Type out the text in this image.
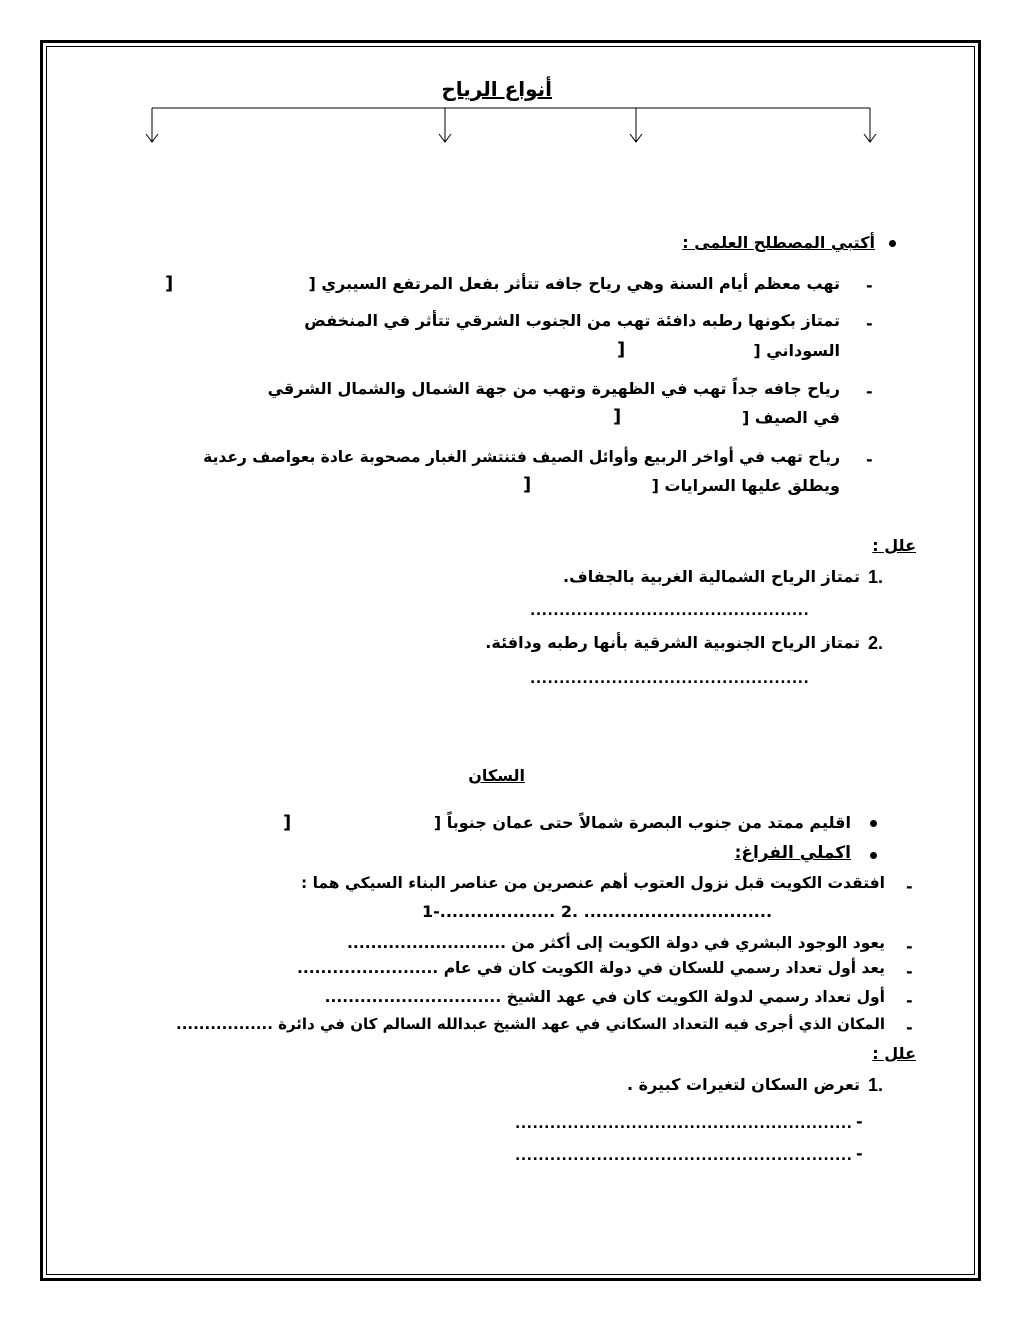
أنواع الرياح
أكتبي المصطلح العلمى :
-
تهب معظم أيام السنة وهي رياح جافه تتأثر بفعل المرتفع السيبري [
]
-
تمتاز بكونها رطبه دافئة تهب من الجنوب الشرقي تتأثر في المنخفض
السوداني [
]
-
رياح جافه جداً تهب في الظهيرة وتهب من جهة الشمال والشمال الشرقي
في الصيف [
]
-
رياح تهب في أواخر الربيع وأوائل الصيف فتنتشر الغبار مصحوبة عادة بعواصف رعدية
ويطلق عليها السرايات [
]
علل :
1.
تمتاز الرياح الشمالية الغربية بالجفاف.
................................................
2.
تمتاز الرياح الجنوبية الشرقية بأنها رطبه ودافئة.
................................................
السكان
اقليم ممتد من جنوب البصرة شمالاً حتى عمان جنوباً [
]
اكملي الفراغ:
-
افتقدت الكويت قبل نزول العتوب أهم عنصرين من عناصر البناء السيكي هما :
1-................... 2. ...............................
-
يعود الوجود البشري في دولة الكويت إلى أكثر من ...........................
-
يعد أول تعداد رسمي للسكان في دولة الكويت كان في عام ........................
-
أول تعداد رسمي لدولة الكويت كان في عهد الشيخ ..............................
-
المكان الذي أجرى فيه التعداد السكاني في عهد الشيخ عبدالله السالم كان في دائرة .................
علل :
1.
تعرض السكان لتغيرات كبيرة .
-
..........................................................
-
..........................................................
